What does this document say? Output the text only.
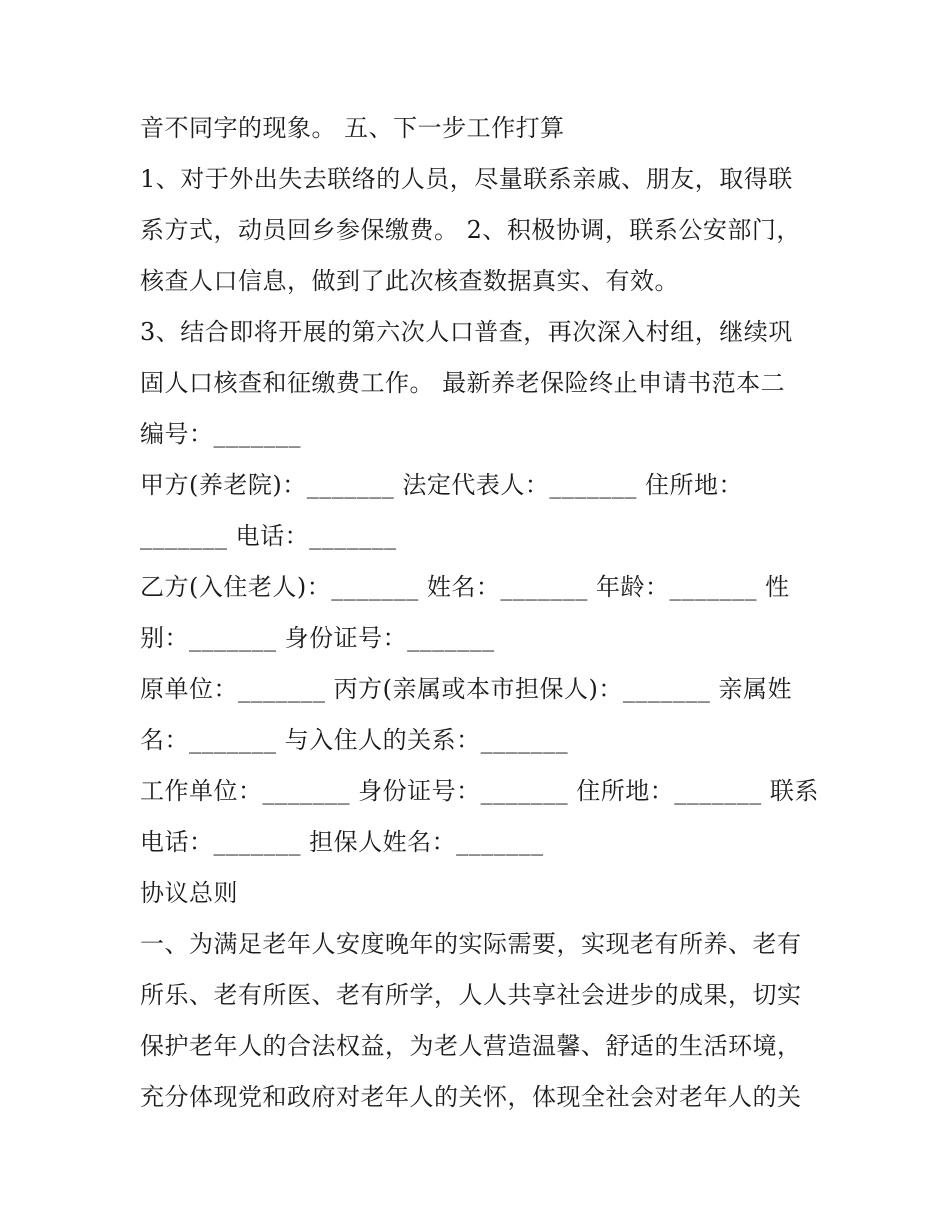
音不同字的现象。 五、下一步工作打算
1、对于外出失去联络的人员，尽量联系亲戚、朋友，取得联
系方式，动员回乡参保缴费。 2、积极协调，联系公安部门，
核查人口信息，做到了此次核查数据真实、有效。
3、结合即将开展的第六次人口普查，再次深入村组，继续巩
固人口核查和征缴费工作。 最新养老保险终止申请书范本二
编号：_______
甲方(养老院)：_______ 法定代表人：_______ 住所地：
_______ 电话：_______
乙方(入住老人)：_______ 姓名：_______ 年龄：_______ 性
别：_______ 身份证号：_______
原单位：_______ 丙方(亲属或本市担保人)：_______ 亲属姓
名：_______ 与入住人的关系：_______
工作单位：_______ 身份证号：_______ 住所地：_______ 联系
电话：_______ 担保人姓名：_______
协议总则
一、为满足老年人安度晚年的实际需要，实现老有所养、老有
所乐、老有所医、老有所学，人人共享社会进步的成果，切实
保护老年人的合法权益，为老人营造温馨、舒适的生活环境，
充分体现党和政府对老年人的关怀，体现全社会对老年人的关
